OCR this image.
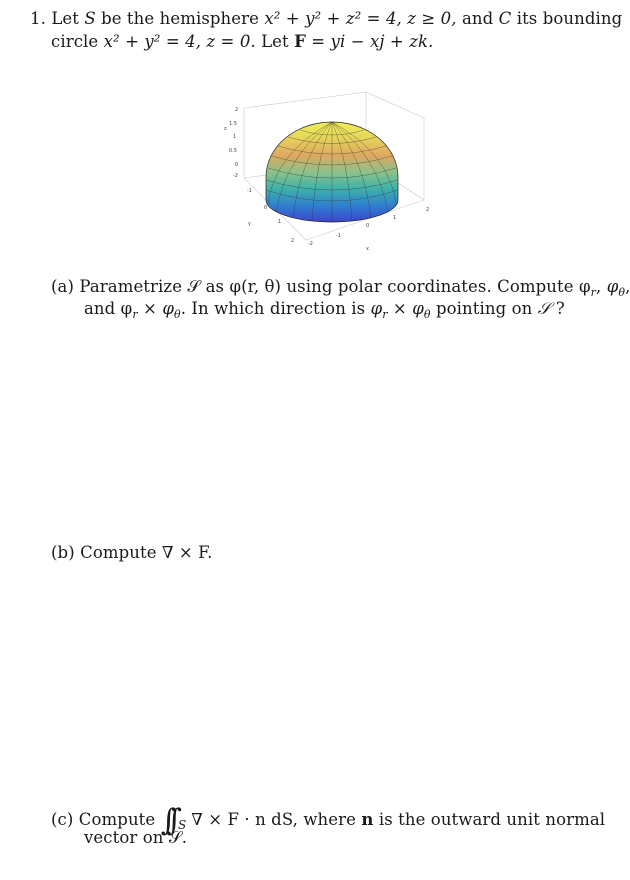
1. Let S be the hemisphere x² + y² + z² = 4, z ≥ 0, and C its bounding
circle x² + y² = 4, z = 0. Let F = yi − xj + zk.
2
1.5
1
0.5
0
-2
z
-1
0
1
2
y
-2
-1
0
1
2
x
(a) Parametrize 𝒮 as φ(r, θ) using polar coordinates. Compute $\varphi_r$, $\varphi_\theta$,
and $\varphi_r \times \varphi_\theta$. In which direction is $\varphi_r \times \varphi_\theta$ pointing on 𝒮 ?
(b) Compute ∇ × F.
(c) Compute ∫∫ ∇ × F · n dS, where n is the outward unit normal
S
vector on 𝒮.
